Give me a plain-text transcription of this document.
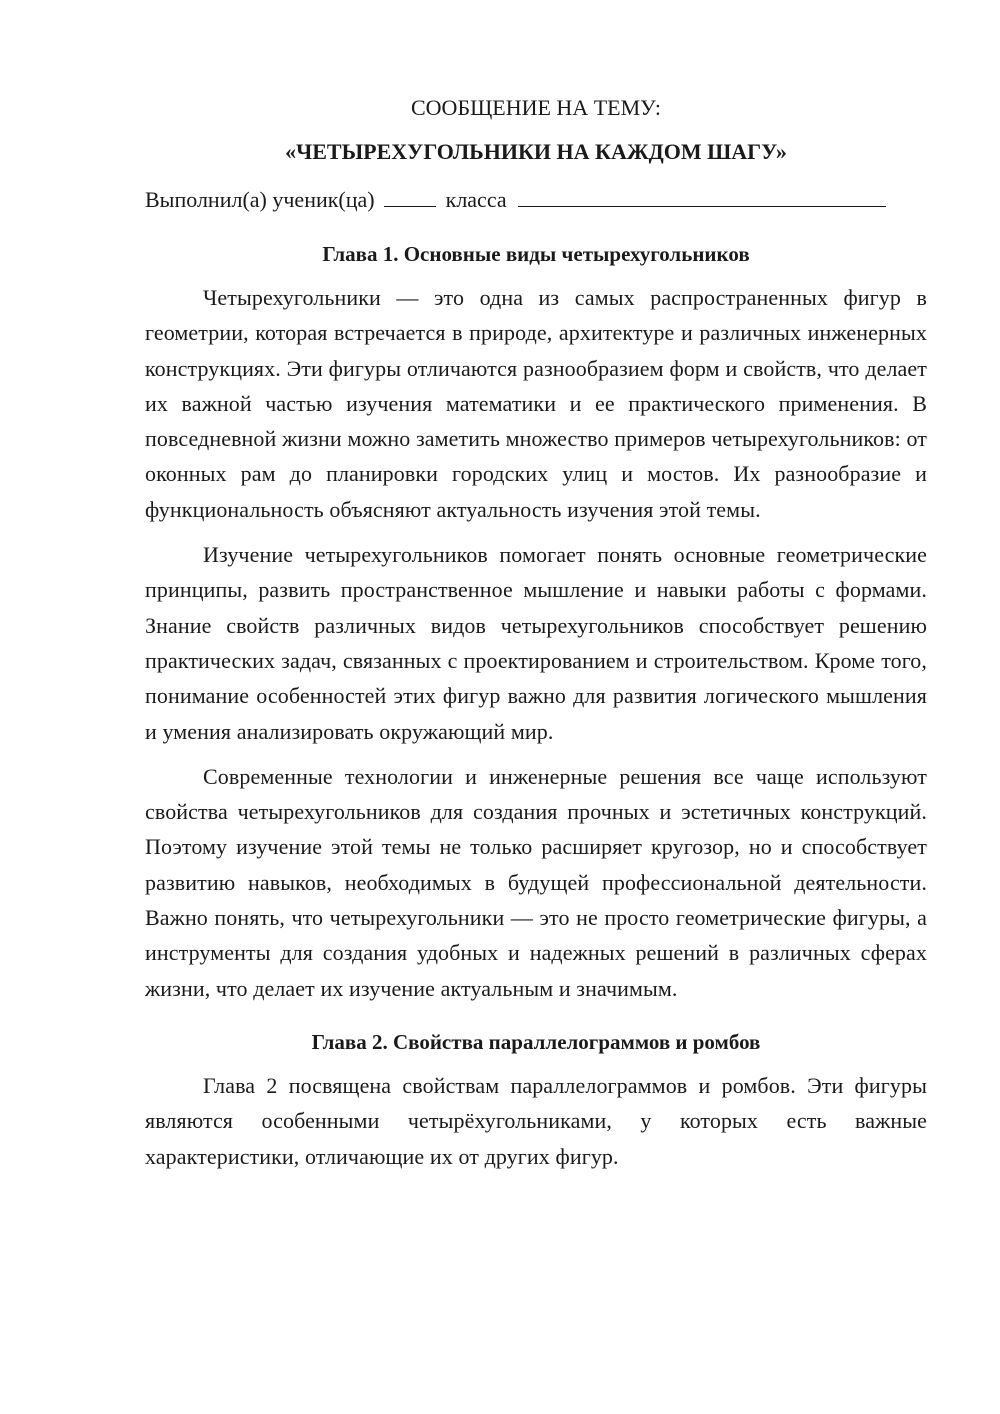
СООБЩЕНИЕ НА ТЕМУ:
«ЧЕТЫРЕХУГОЛЬНИКИ НА КАЖДОМ ШАГУ»
Выполнил(а) ученик(ца)	класса
Глава 1. Основные виды четырехугольников

Четырехугольники — это одна из самых распространенных фигур в геометрии, которая встречается в природе, архитектуре и различных инженерных конструкциях. Эти фигуры отличаются разнообразием форм и свойств, что делает их важной частью изучения математики и ее практического применения. В повседневной жизни можно заметить множество примеров четырехугольников: от оконных рам до планировки городских улиц и мостов. Их разнообразие и функциональность объясняют актуальность изучения этой темы.

Изучение четырехугольников помогает понять основные геометрические принципы, развить пространственное мышление и навыки работы с формами. Знание свойств различных видов четырехугольников способствует решению практических задач, связанных с проектированием и строительством. Кроме того, понимание особенностей этих фигур важно для развития логического мышления и умения анализировать окружающий мир.

Современные технологии и инженерные решения все чаще используют свойства четырехугольников для создания прочных и эстетичных конструкций. Поэтому изучение этой темы не только расширяет кругозор, но и способствует развитию навыков, необходимых в будущей профессиональной деятельности. Важно понять, что четырехугольники — это не просто геометрические фигуры, а инструменты для создания удобных и надежных решений в различных сферах жизни, что делает их изучение актуальным и значимым.

Глава 2. Свойства параллелограммов и ромбов

Глава 2 посвящена свойствам параллелограммов и ромбов. Эти фигуры являются особенными четырёхугольниками, у которых есть важные характеристики, отличающие их от других фигур.
